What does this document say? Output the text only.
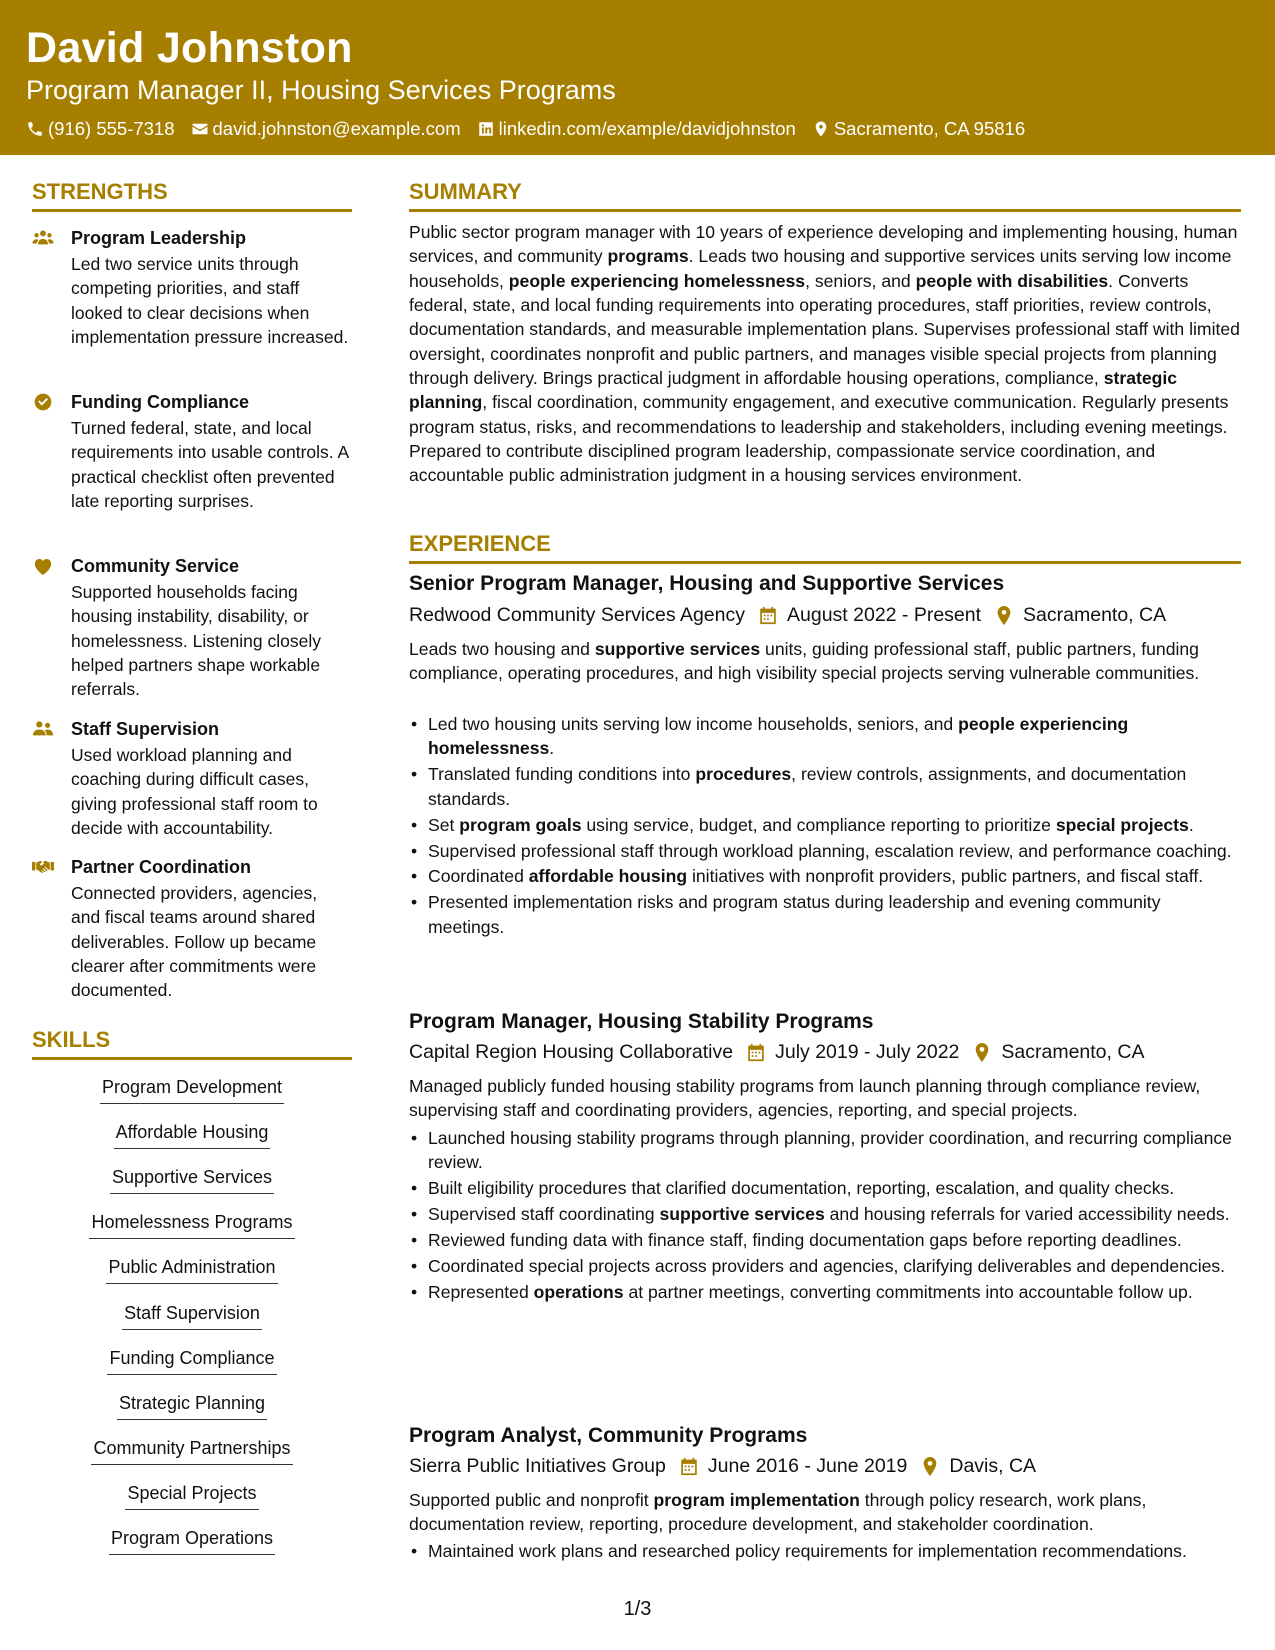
David Johnston
Program Manager II, Housing Services Programs
(916) 555-7318 david.johnston@example.com linkedin.com/example/davidjohnston Sacramento, CA 95816
STRENGTHS
Program Leadership
Led two service units through competing priorities, and staff looked to clear decisions when implementation pressure increased.
Funding Compliance
Turned federal, state, and local requirements into usable controls. A practical checklist often prevented late reporting surprises.
Community Service
Supported households facing housing instability, disability, or homelessness. Listening closely helped partners shape workable referrals.
Staff Supervision
Used workload planning and coaching during difficult cases, giving professional staff room to decide with accountability.
Partner Coordination
Connected providers, agencies, and fiscal teams around shared deliverables. Follow up became clearer after commitments were documented.
SKILLS
Program Development
Affordable Housing
Supportive Services
Homelessness Programs
Public Administration
Staff Supervision
Funding Compliance
Strategic Planning
Community Partnerships
Special Projects
Program Operations
SUMMARY
Public sector program manager with 10 years of experience developing and implementing housing, human services, and community programs. Leads two housing and supportive services units serving low income households, people experiencing homelessness, seniors, and people with disabilities. Converts federal, state, and local funding requirements into operating procedures, staff priorities, review controls, documentation standards, and measurable implementation plans. Supervises professional staff with limited oversight, coordinates nonprofit and public partners, and manages visible special projects from planning through delivery. Brings practical judgment in affordable housing operations, compliance, strategic planning, fiscal coordination, community engagement, and executive communication. Regularly presents program status, risks, and recommendations to leadership and stakeholders, including evening meetings. Prepared to contribute disciplined program leadership, compassionate service coordination, and accountable public administration judgment in a housing services environment.
EXPERIENCE
Senior Program Manager, Housing and Supportive Services
Redwood Community Services Agency August 2022 - Present Sacramento, CA
Leads two housing and supportive services units, guiding professional staff, public partners, funding compliance, operating procedures, and high visibility special projects serving vulnerable communities.
• Led two housing units serving low income households, seniors, and people experiencing homelessness.
• Translated funding conditions into procedures, review controls, assignments, and documentation standards.
• Set program goals using service, budget, and compliance reporting to prioritize special projects.
• Supervised professional staff through workload planning, escalation review, and performance coaching.
• Coordinated affordable housing initiatives with nonprofit providers, public partners, and fiscal staff.
• Presented implementation risks and program status during leadership and evening community meetings.
Program Manager, Housing Stability Programs
Capital Region Housing Collaborative July 2019 - July 2022 Sacramento, CA
Managed publicly funded housing stability programs from launch planning through compliance review, supervising staff and coordinating providers, agencies, reporting, and special projects.
• Launched housing stability programs through planning, provider coordination, and recurring compliance review.
• Built eligibility procedures that clarified documentation, reporting, escalation, and quality checks.
• Supervised staff coordinating supportive services and housing referrals for varied accessibility needs.
• Reviewed funding data with finance staff, finding documentation gaps before reporting deadlines.
• Coordinated special projects across providers and agencies, clarifying deliverables and dependencies.
• Represented operations at partner meetings, converting commitments into accountable follow up.
Program Analyst, Community Programs
Sierra Public Initiatives Group June 2016 - June 2019 Davis, CA
Supported public and nonprofit program implementation through policy research, work plans, documentation review, reporting, procedure development, and stakeholder coordination.
• Maintained work plans and researched policy requirements for implementation recommendations.
1/3
